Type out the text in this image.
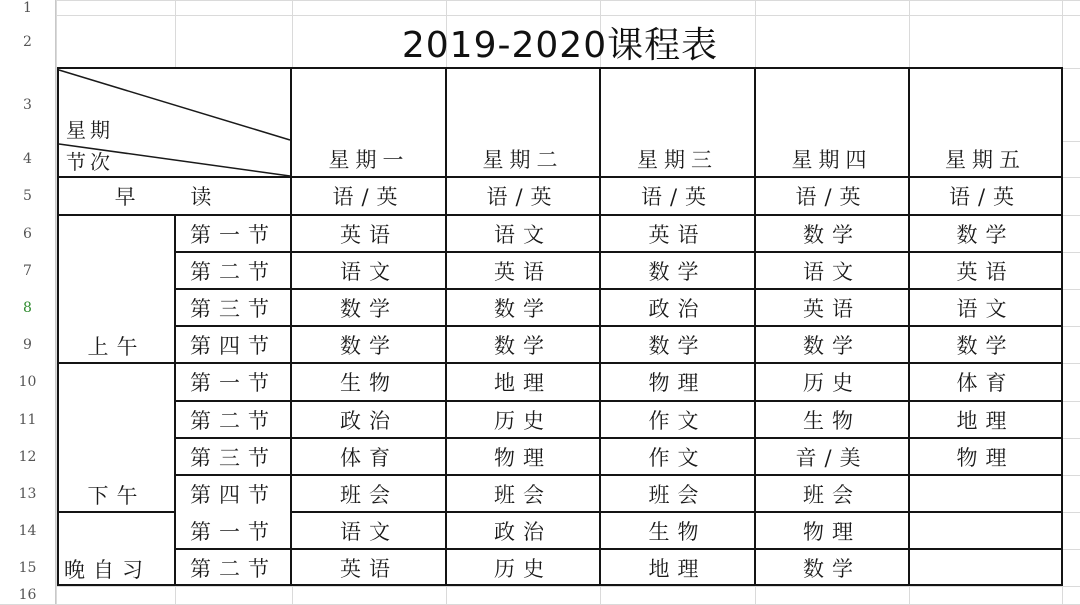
1
2
3
4
5
6
7
8
9
10
11
12
13
14
15
16
2019-2020课程表
星期一	星期二	星期三	星期四	星期五
早 读	语/英	语/英	语/英	语/英	语/英
上午
第一节	英语	语文	英语	数学	数学
第二节	语文	英语	数学	语文	英语
第三节	数学	数学	政治	英语	语文
第四节	数学	数学	数学	数学	数学
下午
第一节	生物	地理	物理	历史	体育
第二节	政治	历史	作文	生物	地理
第三节	体育	物理	作文	音/美	物理
第四节	班会	班会	班会	班会
晚自习
第一节	语文	政治	生物	物理
第二节	英语	历史	地理	数学
星期
节次
